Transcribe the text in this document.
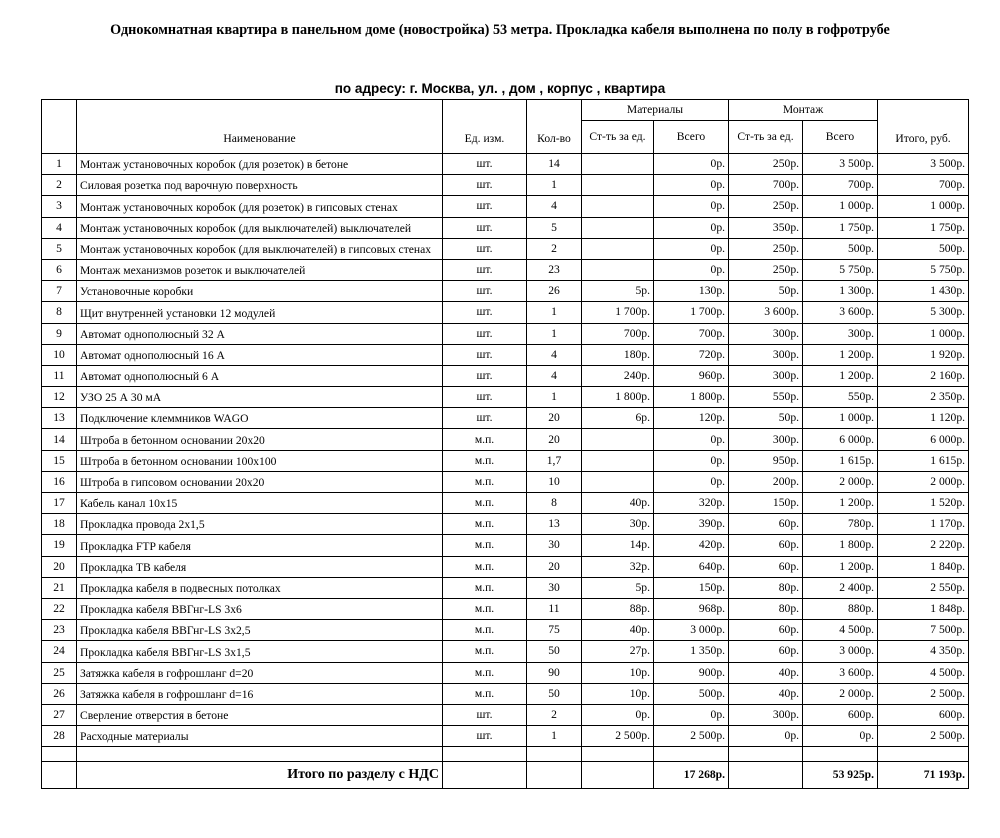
Однокомнатная квартира в панельном доме (новостройка) 53 метра. Прокладка кабеля выполнена по полу в гофротрубе
по адресу: г. Москва, ул. , дом , корпус , квартира
	Наименование	Ед. изм.	Кол-во	Материалы		Монтаж		Итого, руб.
				Ст-ть за ед.	Всего	Ст-ть за ед.	Всего	
1	Монтаж установочных коробок (для розеток) в бетоне	шт.	14		0р.	250р.	3 500р.	3 500р.
2	Силовая розетка под варочную поверхность	шт.	1		0р.	700р.	700р.	700р.
3	Монтаж установочных коробок (для розеток) в гипсовых стенах	шт.	4		0р.	250р.	1 000р.	1 000р.
4	Монтаж установочных коробок (для выключателей) выключателей	шт.	5		0р.	350р.	1 750р.	1 750р.
5	Монтаж установочных коробок (для выключателей) в гипсовых стенах	шт.	2		0р.	250р.	500р.	500р.
6	Монтаж механизмов розеток и выключателей	шт.	23		0р.	250р.	5 750р.	5 750р.
7	Установочные коробки	шт.	26	5р.	130р.	50р.	1 300р.	1 430р.
8	Щит внутренней установки 12 модулей	шт.	1	1 700р.	1 700р.	3 600р.	3 600р.	5 300р.
9	Автомат однополюсный 32 А	шт.	1	700р.	700р.	300р.	300р.	1 000р.
10	Автомат однополюсный 16 А	шт.	4	180р.	720р.	300р.	1 200р.	1 920р.
11	Автомат однополюсный 6 А	шт.	4	240р.	960р.	300р.	1 200р.	2 160р.
12	УЗО 25 А 30 мА	шт.	1	1 800р.	1 800р.	550р.	550р.	2 350р.
13	Подключение клеммников WAGO	шт.	20	6р.	120р.	50р.	1 000р.	1 120р.
14	Штроба в бетонном основании 20х20	м.п.	20		0р.	300р.	6 000р.	6 000р.
15	Штроба в бетонном основании 100х100	м.п.	1,7		0р.	950р.	1 615р.	1 615р.
16	Штроба в гипсовом основании 20х20	м.п.	10		0р.	200р.	2 000р.	2 000р.
17	Кабель канал 10х15	м.п.	8	40р.	320р.	150р.	1 200р.	1 520р.
18	Прокладка провода 2х1,5	м.п.	13	30р.	390р.	60р.	780р.	1 170р.
19	Прокладка FTP кабеля	м.п.	30	14р.	420р.	60р.	1 800р.	2 220р.
20	Прокладка ТВ кабеля	м.п.	20	32р.	640р.	60р.	1 200р.	1 840р.
21	Прокладка кабеля в подвесных потолках	м.п.	30	5р.	150р.	80р.	2 400р.	2 550р.
22	Прокладка кабеля ВВГнг-LS 3х6	м.п.	11	88р.	968р.	80р.	880р.	1 848р.
23	Прокладка кабеля ВВГнг-LS 3х2,5	м.п.	75	40р.	3 000р.	60р.	4 500р.	7 500р.
24	Прокладка кабеля ВВГнг-LS 3х1,5	м.п.	50	27р.	1 350р.	60р.	3 000р.	4 350р.
25	Затяжка кабеля в гофрошланг d=20	м.п.	90	10р.	900р.	40р.	3 600р.	4 500р.
26	Затяжка кабеля в гофрошланг d=16	м.п.	50	10р.	500р.	40р.	2 000р.	2 500р.
27	Сверление отверстия в бетоне	шт.	2	0р.	0р.	300р.	600р.	600р.
28	Расходные материалы	шт.	1	2 500р.	2 500р.	0р.	0р.	2 500р.

	Итого по разделу с НДС				17 268р.		53 925р.	71 193р.
